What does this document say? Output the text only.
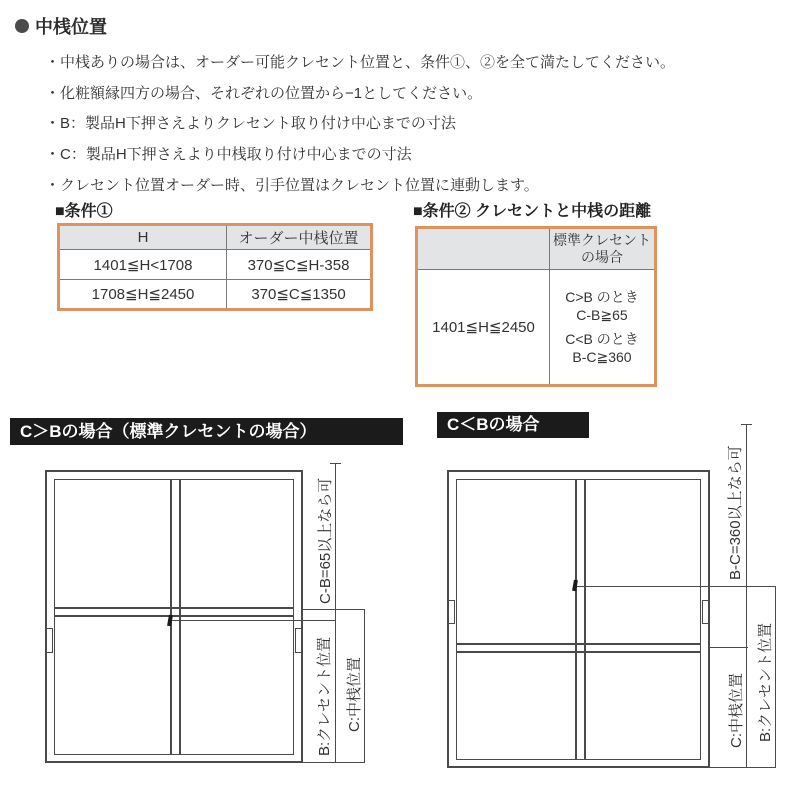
中桟位置
・中桟ありの場合は、オーダー可能クレセント位置と、条件①、②を全て満たしてください。
・化粧額縁四方の場合、それぞれの位置から−1としてください。
・B：製品H下押さえよりクレセント取り付け中心までの寸法
・C：製品H下押さえより中桟取り付け中心までの寸法
・クレセント位置オーダー時、引手位置はクレセント位置に連動します。
■条件①
H	オーダー中桟位置
1401≦H<1708	370≦C≦H-358
1708≦H≦2450	370≦C≦1350
■条件② クレセントと中桟の距離

	標準クレセント
の場合

1401≦H≦2450	C>B のとき
C-B≧65
C<B のとき
B-C≧360
C＞Bの場合（標準クレセントの場合）	C＜Bの場合
C-B=65以上なら可
B:クレセント位置 C:中桟位置
B-C=360以上なら可
C:中桟位置 B:クレセント位置
